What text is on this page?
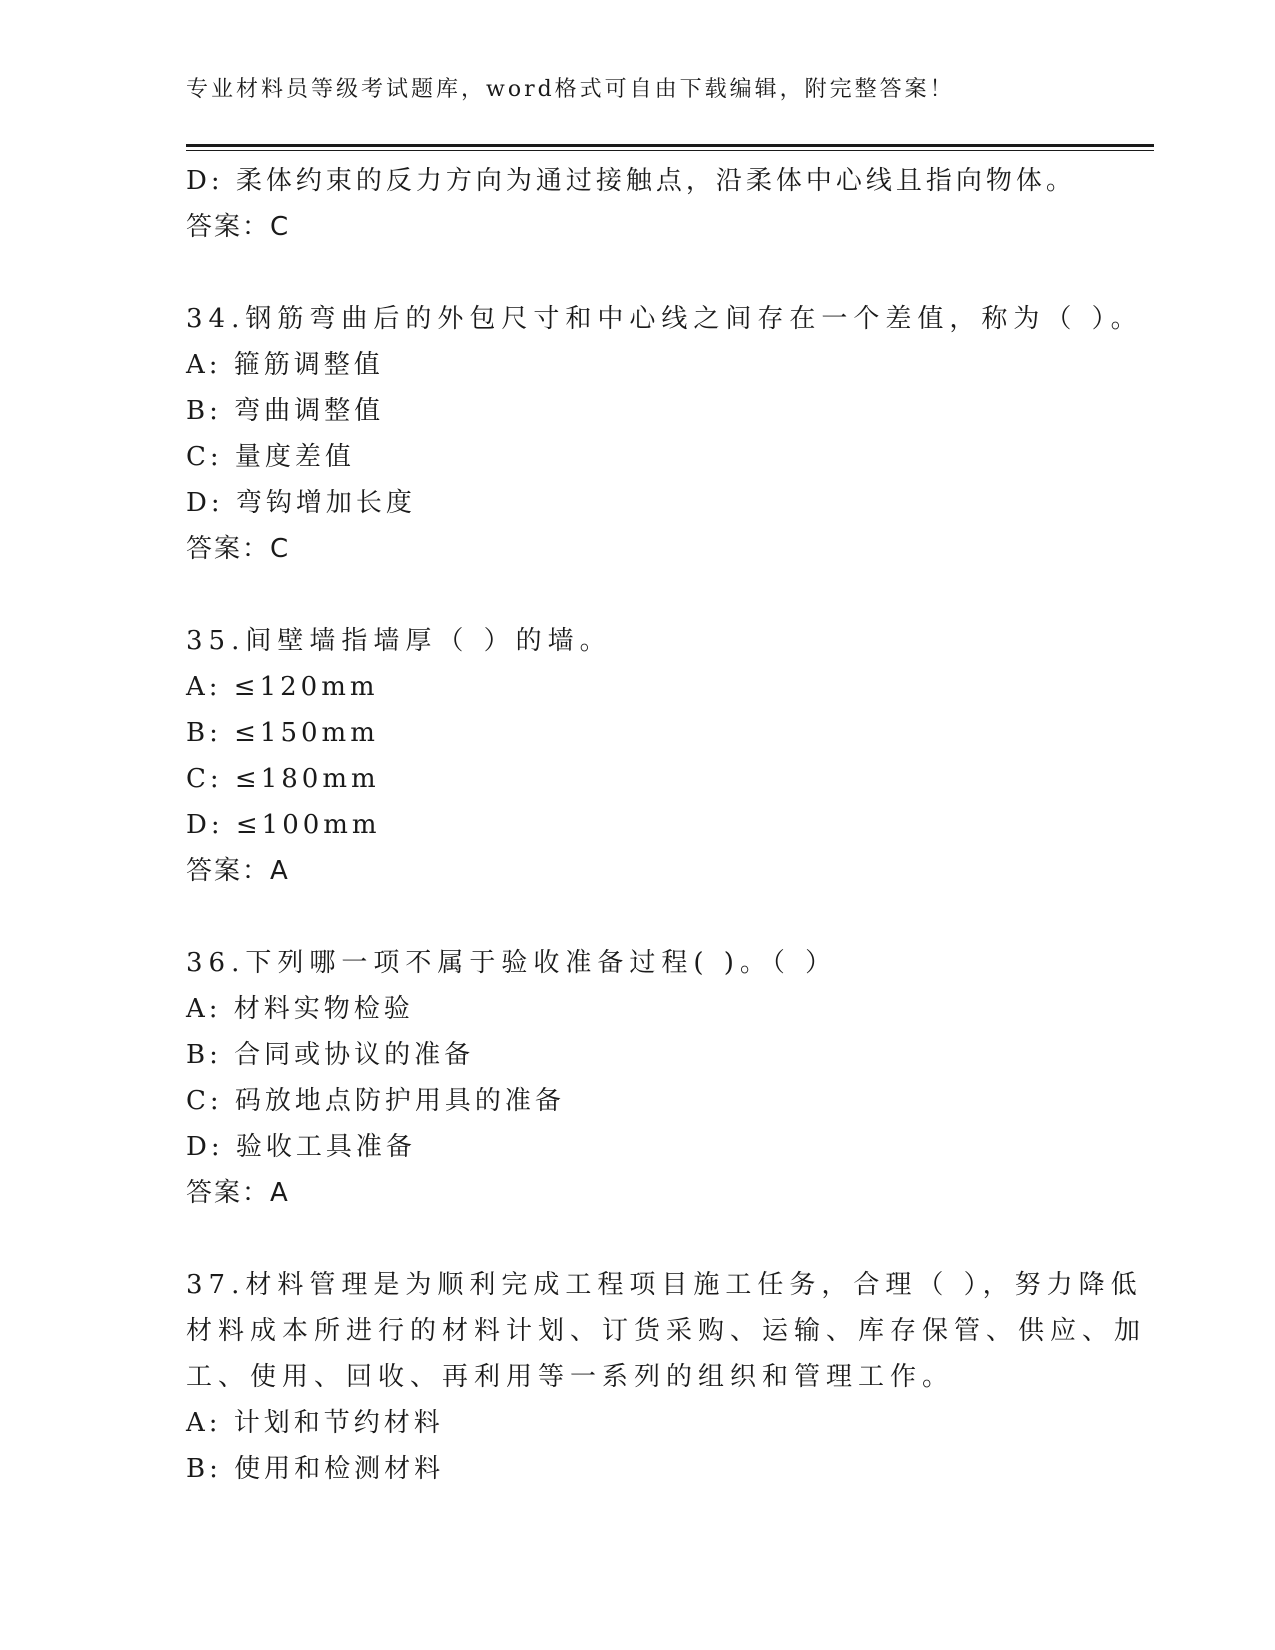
专业材料员等级考试题库，word格式可自由下载编辑，附完整答案！
D: 柔体约束的反力方向为通过接触点，沿柔体中心线且指向物体。
答案：C
34.钢筋弯曲后的外包尺寸和中心线之间存在一个差值，称为（ ）。
A: 箍筋调整值
B: 弯曲调整值
C: 量度差值
D: 弯钩增加长度
答案：C
35.间壁墙指墙厚（ ）的墙。
A: ≤120mm
B: ≤150mm
C: ≤180mm
D: ≤100mm
答案：A
36.下列哪一项不属于验收准备过程( )。（ ）
A: 材料实物检验
B: 合同或协议的准备
C: 码放地点防护用具的准备
D: 验收工具准备
答案：A
37.材料管理是为顺利完成工程项目施工任务，合理（ ），努力降低
材料成本所进行的材料计划、订货采购、运输、库存保管、供应、加
工、使用、回收、再利用等一系列的组织和管理工作。
A: 计划和节约材料
B: 使用和检测材料
